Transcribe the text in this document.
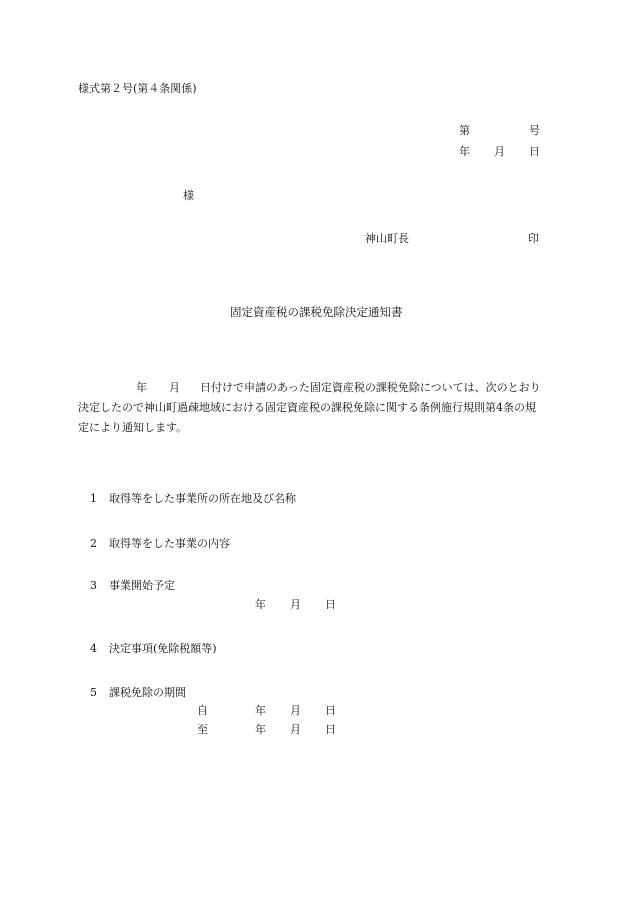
様式第２号(第４条関係)
第	号
年 月 日
様
神山町長	印
固定資産税の課税免除決定通知書
年 月 日付けで申請のあった固定資産税の課税免除については、次のとおり決定したので神山町過疎地域における固定資産税の課税免除に関する条例施行規則第4条の規定により通知します。
1 取得等をした事業所の所在地及び名称
2 取得等をした事業の内容
3 事業開始予定
年 月 日
4 決定事項(免除税額等)
5 課税免除の期間
自	年 月 日
至	年 月 日
